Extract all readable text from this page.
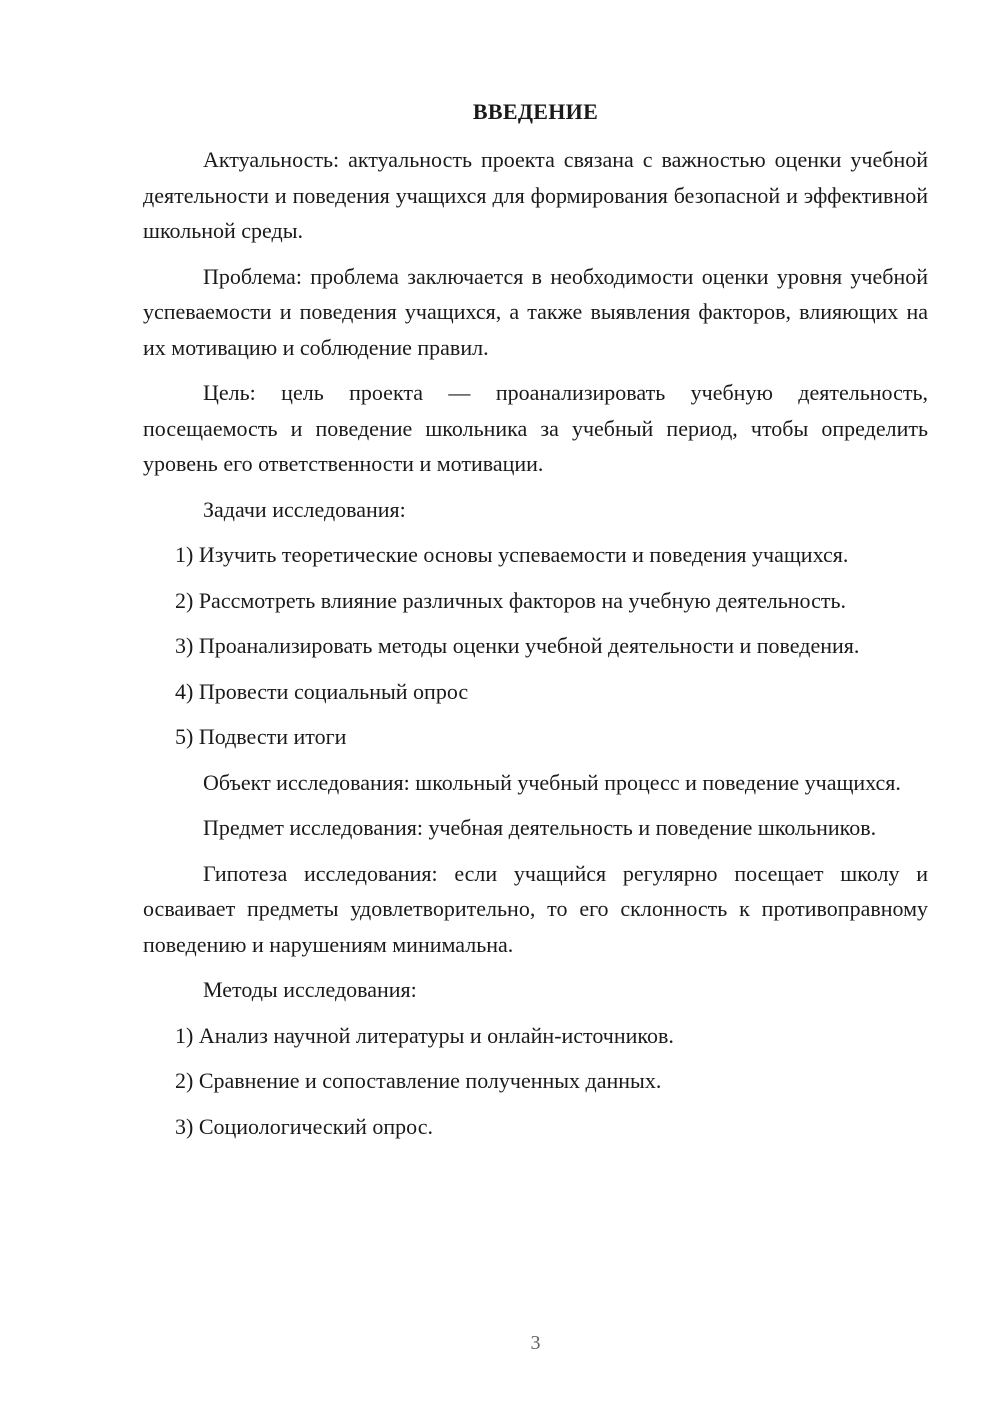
ВВЕДЕНИЕ

Актуальность: актуальность проекта связана с важностью оценки учебной деятельности и поведения учащихся для формирования безопасной и эффективной школьной среды.

Проблема: проблема заключается в необходимости оценки уровня учебной успеваемости и поведения учащихся, а также выявления факторов, влияющих на их мотивацию и соблюдение правил.

Цель: цель проекта — проанализировать учебную деятельность, посещаемость и поведение школьника за учебный период, чтобы определить уровень его ответственности и мотивации.

Задачи исследования:

1) Изучить теоретические основы успеваемости и поведения учащихся.

2) Рассмотреть влияние различных факторов на учебную деятельность.

3) Проанализировать методы оценки учебной деятельности и поведения.

4) Провести социальный опрос

5) Подвести итоги

Объект исследования: школьный учебный процесс и поведение учащихся.

Предмет исследования: учебная деятельность и поведение школьников.

Гипотеза исследования: если учащийся регулярно посещает школу и осваивает предметы удовлетворительно, то его склонность к противоправному поведению и нарушениям минимальна.

Методы исследования:

1) Анализ научной литературы и онлайн-источников.

2) Сравнение и сопоставление полученных данных.

3) Социологический опрос.

3
